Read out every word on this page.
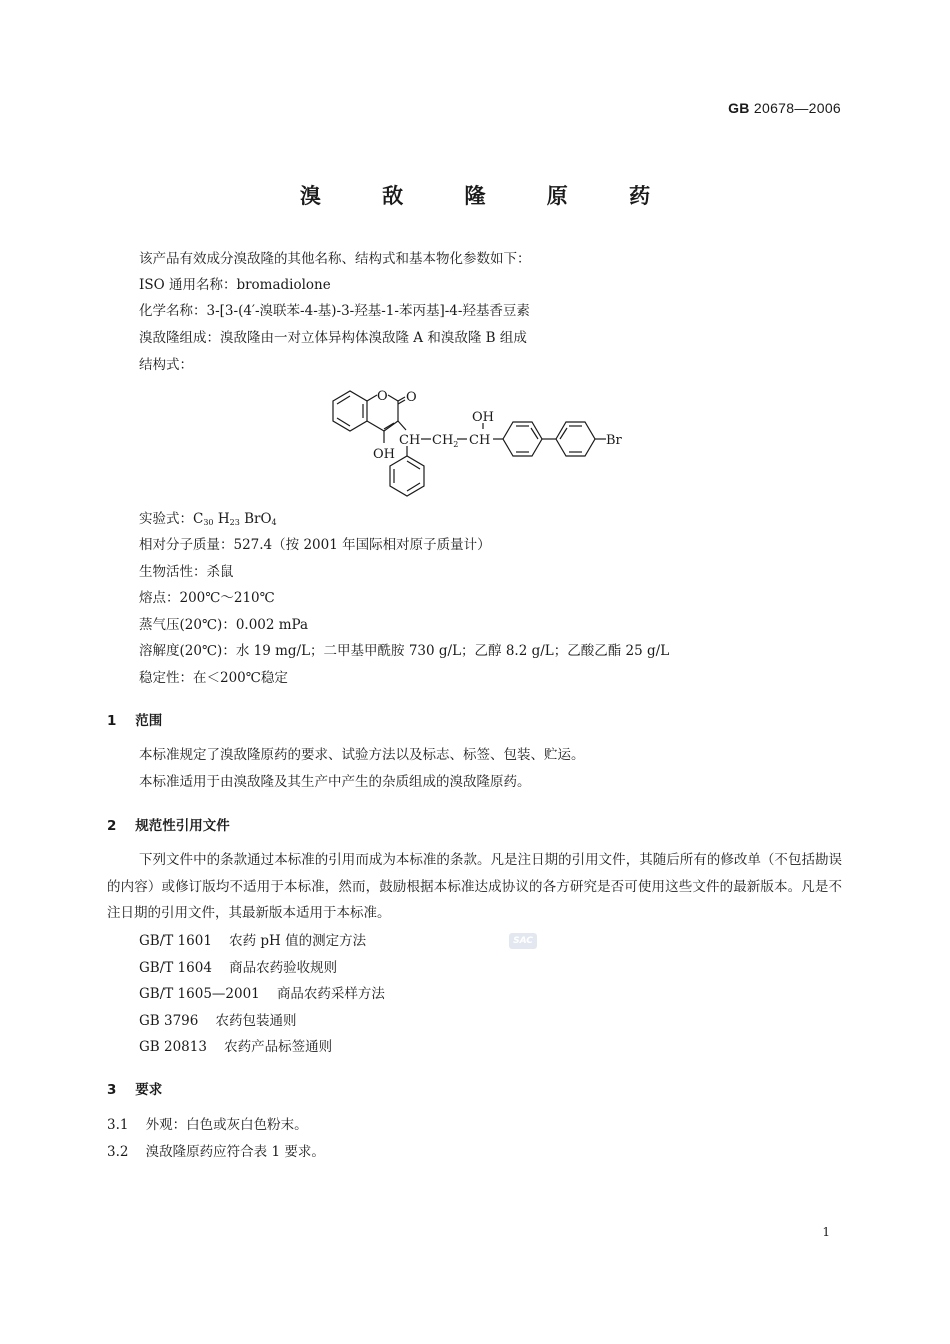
GB 20678—2006
溴 敌 隆 原 药
该产品有效成分溴敌隆的其他名称、结构式和基本物化参数如下：
ISO 通用名称：bromadiolone
化学名称：3-[3-(4′-溴联苯-4-基)-3-羟基-1-苯丙基]-4-羟基香豆素
溴敌隆组成：溴敌隆由一对立体异构体溴敌隆 A 和溴敌隆 B 组成
结构式：
O O
OH
CH $CH_2$ CH
OH
Br
实验式：$C_{30}$ $H_{23}$ BrO$_4$
相对分子质量：527.4（按 2001 年国际相对原子质量计）
生物活性：杀鼠
熔点：200℃～210℃
蒸气压(20℃)：0.002 mPa
溶解度(20℃)：水 19 mg/L；二甲基甲酰胺 730 g/L；乙醇 8.2 g/L；乙酸乙酯 25 g/L
稳定性：在＜200℃稳定
1 范围
本标准规定了溴敌隆原药的要求、试验方法以及标志、标签、包装、贮运。
本标准适用于由溴敌隆及其生产中产生的杂质组成的溴敌隆原药。
2 规范性引用文件
下列文件中的条款通过本标准的引用而成为本标准的条款。凡是注日期的引用文件，其随后所有的修改单（不包括勘误的内容）或修订版均不适用于本标准，然而，鼓励根据本标准达成协议的各方研究是否可使用这些文件的最新版本。凡是不注日期的引用文件，其最新版本适用于本标准。
GB/T 1601 农药 pH 值的测定方法
GB/T 1604 商品农药验收规则
GB/T 1605—2001 商品农药采样方法
GB 3796 农药包装通则
GB 20813 农药产品标签通则
SAC
3 要求
3.1 外观：白色或灰白色粉末。
3.2 溴敌隆原药应符合表 1 要求。
1
